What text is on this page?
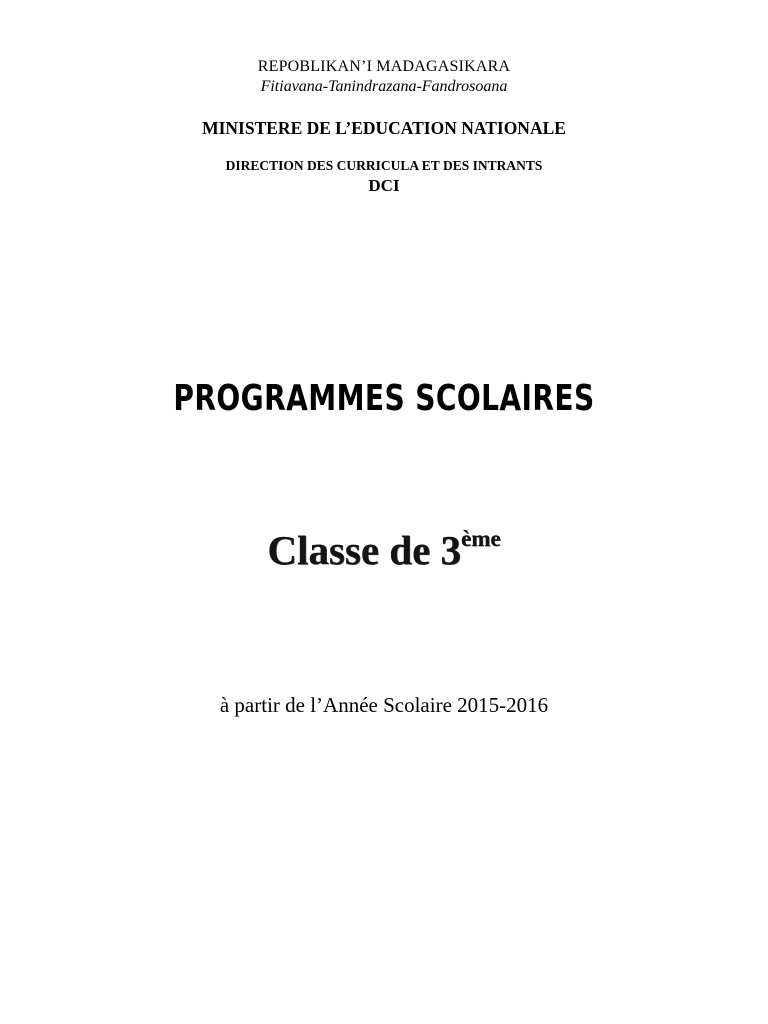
REPOBLIKAN’I MADAGASIKARA

Fitiavana-Tanindrazana-Fandrosoana

MINISTERE DE L’EDUCATION NATIONALE

DIRECTION DES CURRICULA ET DES INTRANTS

DCI

PROGRAMMES SCOLAIRES

Classe de 3ème

à partir de l’Année Scolaire 2015-2016
